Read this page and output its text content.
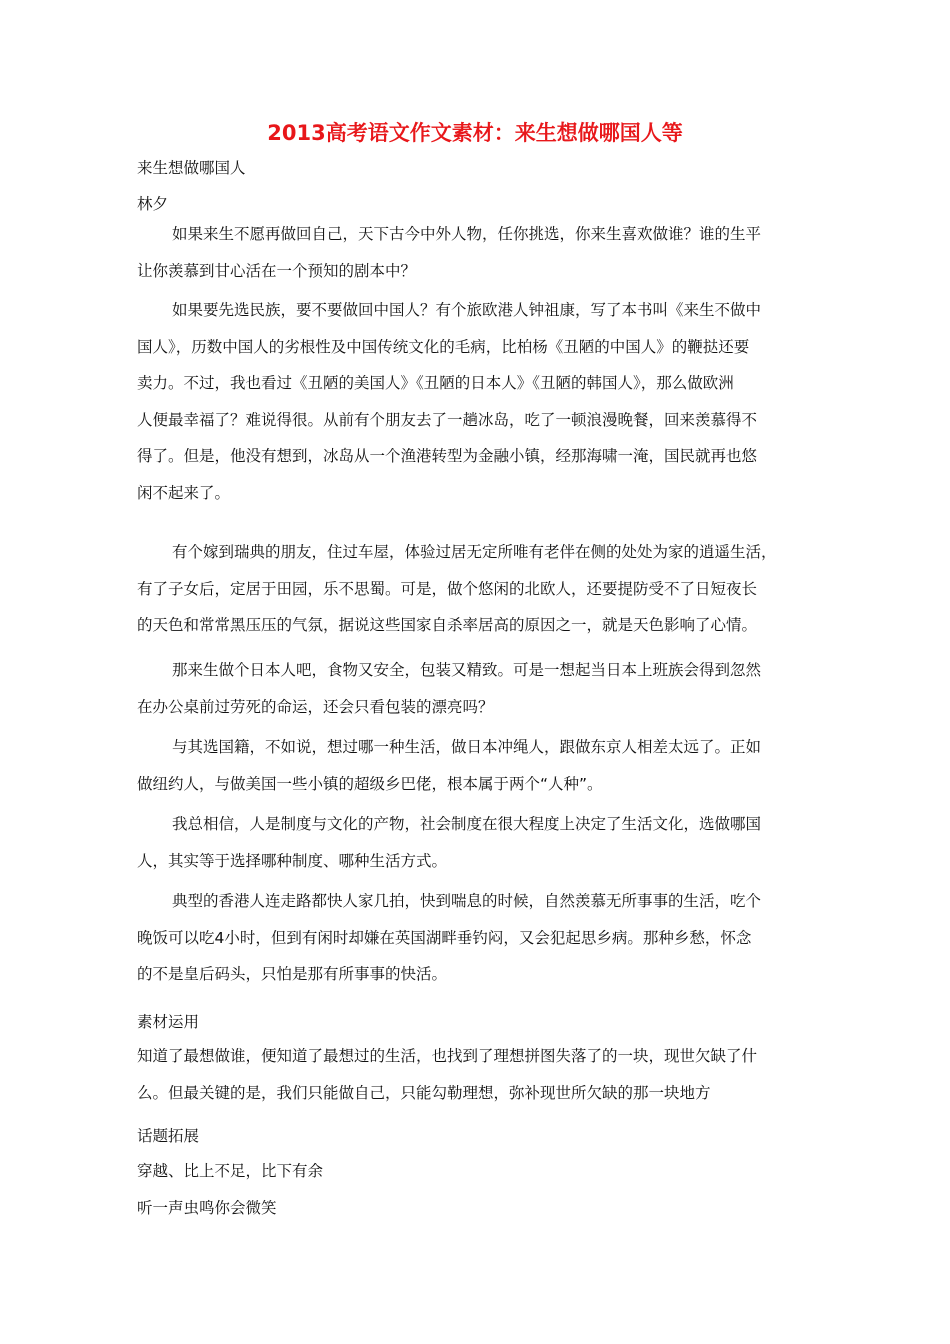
2013高考语文作文素材：来生想做哪国人等
来生想做哪国人
林夕
如果来生不愿再做回自己，天下古今中外人物，任你挑选，你来生喜欢做谁？谁的生平
让你羡慕到甘心活在一个预知的剧本中？
如果要先选民族，要不要做回中国人？有个旅欧港人钟祖康，写了本书叫《来生不做中
国人》，历数中国人的劣根性及中国传统文化的毛病，比柏杨《丑陋的中国人》的鞭挞还要
卖力。不过，我也看过《丑陋的美国人》《丑陋的日本人》《丑陋的韩国人》，那么做欧洲
人便最幸福了？难说得很。从前有个朋友去了一趟冰岛，吃了一顿浪漫晚餐，回来羡慕得不
得了。但是，他没有想到，冰岛从一个渔港转型为金融小镇，经那海啸一淹，国民就再也悠
闲不起来了。
有个嫁到瑞典的朋友，住过车屋，体验过居无定所唯有老伴在侧的处处为家的逍遥生活，
有了子女后，定居于田园，乐不思蜀。可是，做个悠闲的北欧人，还要提防受不了日短夜长
的天色和常常黑压压的气氛，据说这些国家自杀率居高的原因之一，就是天色影响了心情。
那来生做个日本人吧，食物又安全，包装又精致。可是一想起当日本上班族会得到忽然
在办公桌前过劳死的命运，还会只看包装的漂亮吗？
与其选国籍，不如说，想过哪一种生活，做日本冲绳人，跟做东京人相差太远了。正如
做纽约人，与做美国一些小镇的超级乡巴佬，根本属于两个“人种”。
我总相信，人是制度与文化的产物，社会制度在很大程度上决定了生活文化，选做哪国
人，其实等于选择哪种制度、哪种生活方式。
典型的香港人连走路都快人家几拍，快到喘息的时候，自然羡慕无所事事的生活，吃个
晚饭可以吃4小时，但到有闲时却嫌在英国湖畔垂钓闷，又会犯起思乡病。那种乡愁，怀念
的不是皇后码头，只怕是那有所事事的快活。
素材运用
知道了最想做谁，便知道了最想过的生活，也找到了理想拼图失落了的一块，现世欠缺了什
么。但最关键的是，我们只能做自己，只能勾勒理想，弥补现世所欠缺的那一块地方
话题拓展
穿越、比上不足，比下有余
听一声虫鸣你会微笑
